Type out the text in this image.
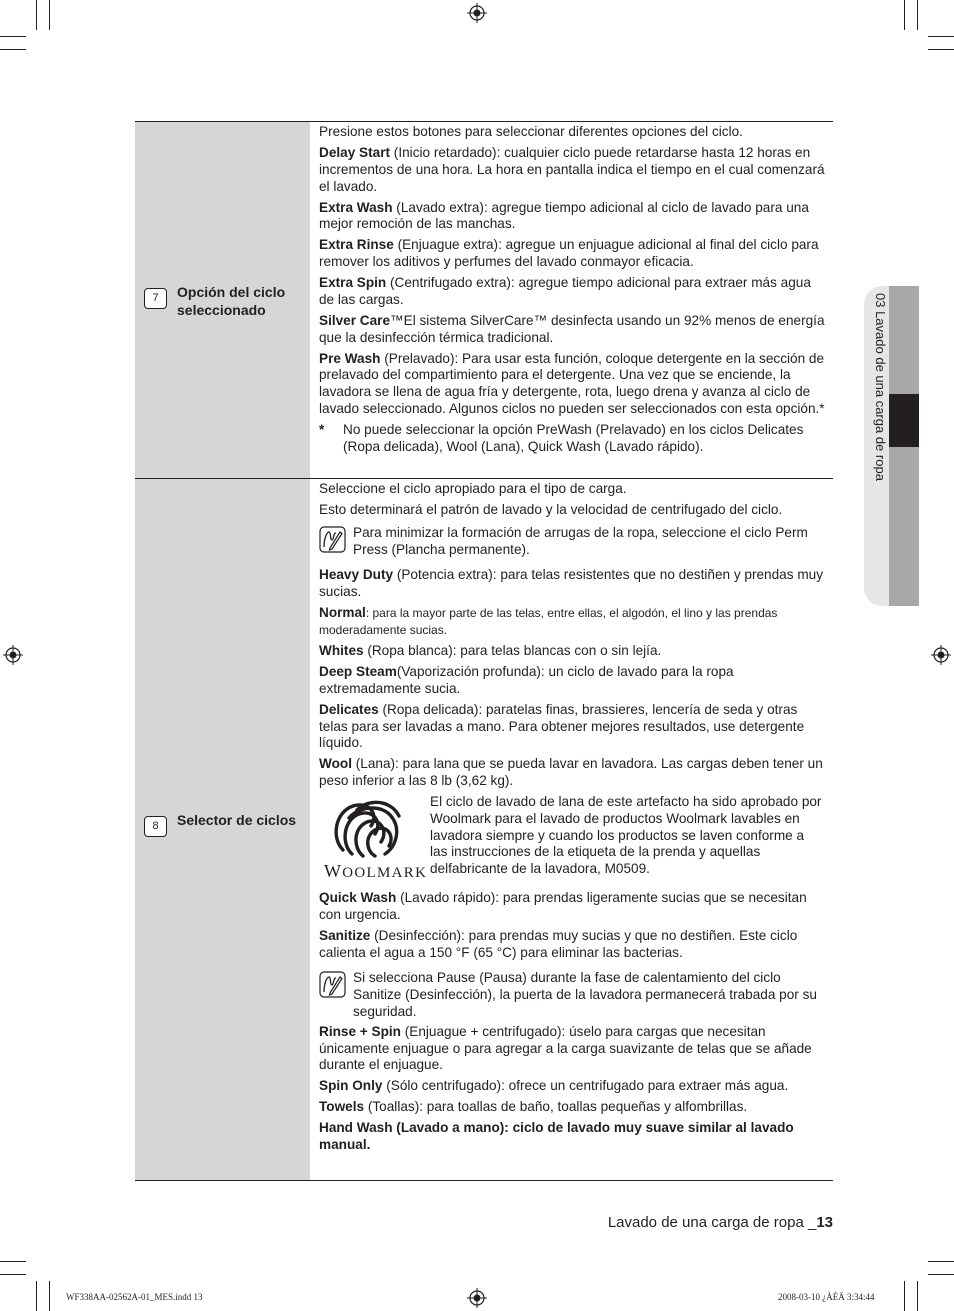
03 Lavado de una carga de ropa
7	Opción del ciclo seleccionado
Presione estos botones para seleccionar diferentes opciones del ciclo.
Delay Start (Inicio retardado): cualquier ciclo puede retardarse hasta 12 horas en incrementos de una hora. La hora en pantalla indica el tiempo en el cual comenzará el lavado.
Extra Wash (Lavado extra): agregue tiempo adicional al ciclo de lavado para una mejor remoción de las manchas.
Extra Rinse (Enjuague extra): agregue un enjuague adicional al final del ciclo para remover los aditivos y perfumes del lavado conmayor eficacia.
Extra Spin (Centrifugado extra): agregue tiempo adicional para extraer más agua de las cargas.
Silver Care™El sistema SilverCare™ desinfecta usando un 92% menos de energía que la desinfección térmica tradicional.
Pre Wash (Prelavado): Para usar esta función, coloque detergente en la sección de prelavado del compartimiento para el detergente. Una vez que se enciende, la lavadora se llena de agua fría y detergente, rota, luego drena y avanza al ciclo de lavado seleccionado. Algunos ciclos no pueden ser seleccionados con esta opción.*
*	No puede seleccionar la opción PreWash (Prelavado) en los ciclos Delicates (Ropa delicada), Wool (Lana), Quick Wash (Lavado rápido).
8	Selector de ciclos
Seleccione el ciclo apropiado para el tipo de carga.
Esto determinará el patrón de lavado y la velocidad de centrifugado del ciclo.
Para minimizar la formación de arrugas de la ropa, seleccione el ciclo Perm Press (Plancha permanente).
Heavy Duty (Potencia extra): para telas resistentes que no destiñen y prendas muy sucias.
Normal: para la mayor parte de las telas, entre ellas, el algodón, el lino y las prendas moderadamente sucias.
Whites (Ropa blanca): para telas blancas con o sin lejía.
Deep Steam(Vaporización profunda): un ciclo de lavado para la ropa extremadamente sucia.
Delicates (Ropa delicada): paratelas finas, brassieres, lencería de seda y otras telas para ser lavadas a mano. Para obtener mejores resultados, use detergente líquido.
Wool (Lana): para lana que se pueda lavar en lavadora. Las cargas deben tener un peso inferior a las 8 lb (3,62 kg).
WOOLMARK
El ciclo de lavado de lana de este artefacto ha sido aprobado por Woolmark para el lavado de productos Woolmark lavables en lavadora siempre y cuando los productos se laven conforme a las instrucciones de la etiqueta de la prenda y aquellas delfabricante de la lavadora, M0509.
Quick Wash (Lavado rápido): para prendas ligeramente sucias que se necesitan con urgencia.
Sanitize (Desinfección): para prendas muy sucias y que no destiñen. Este ciclo calienta el agua a 150 °F (65 °C) para eliminar las bacterias.
Si selecciona Pause (Pausa) durante la fase de calentamiento del ciclo Sanitize (Desinfección), la puerta de la lavadora permanecerá trabada por su seguridad.
Rinse + Spin (Enjuague + centrifugado): úselo para cargas que necesitan únicamente enjuague o para agregar a la carga suavizante de telas que se añade durante el enjuague.
Spin Only (Sólo centrifugado): ofrece un centrifugado para extraer más agua.
Towels (Toallas): para toallas de baño, toallas pequeñas y alfombrillas.
Hand Wash (Lavado a mano): ciclo de lavado muy suave similar al lavado manual.
Lavado de una carga de ropa _13
WF338AA-02562A-01_MES.indd 13	2008-03-10 ¿ÀÈÄ 3:34:44
